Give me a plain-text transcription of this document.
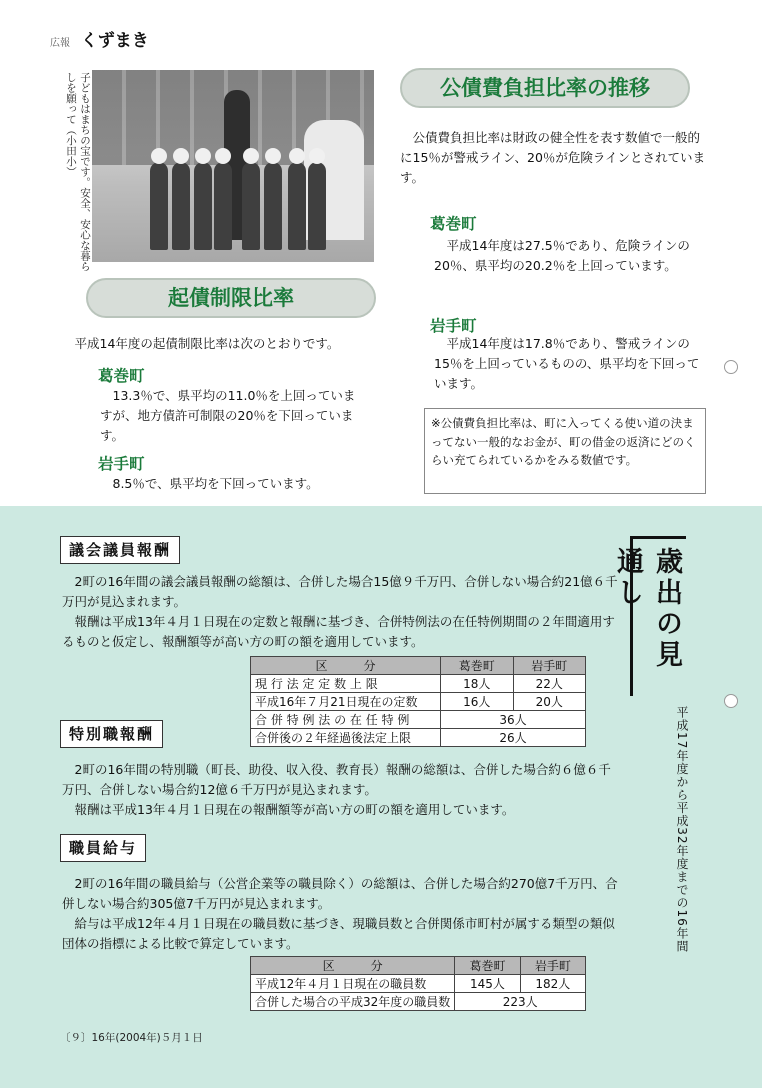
広報 くずまき
子どもはまちの宝です。安全、安心な暮らしを願って（小田小）	公債費負担比率の推移
公債費負担比率は財政の健全性を表す数値で一般的に15％が警戒ライン、20％が危険ラインとされています。
葛巻町
平成14年度は27.5％であり、危険ラインの20％、県平均の20.2％を上回っています。
岩手町
平成14年度は17.8％であり、警戒ラインの15％を上回っているものの、県平均を下回っています。
※公債費負担比率は、町に入ってくる使い道の決まってない一般的なお金が、町の借金の返済にどのくらい充てられているかをみる数値です。
起債制限比率
平成14年度の起債制限比率は次のとおりです。
葛巻町
13.3％で、県平均の11.0％を上回っていますが、地方債許可制限の20％を下回っています。
岩手町
8.5％で、県平均を下回っています。
歳出の見通し
平成17年度から平成32年度までの16年間
議会議員報酬
2町の16年間の議会議員報酬の総額は、合併した場合15億９千万円、合併しない場合約21億６千万円が見込まれます。
報酬は平成13年４月１日現在の定数と報酬に基づき、合併特例法の在任特例期間の２年間適用するものと仮定し、報酬額等が高い方の町の額を適用しています。
区　　　分	葛巻町	岩手町
現 行 法 定 定 数 上 限	18人	22人
平成16年７月21日現在の定数	16人	20人
合 併 特 例 法 の 在 任 特 例	36人	
合併後の２年経過後法定上限	26人	
特別職報酬
2町の16年間の特別職（町長、助役、収入役、教育長）報酬の総額は、合併した場合約６億６千万円、合併しない場合約12億６千万円が見込まれます。
報酬は平成13年４月１日現在の報酬額等が高い方の町の額を適用しています。
職員給与
2町の16年間の職員給与（公営企業等の職員除く）の総額は、合併した場合約270億7千万円、合併しない場合約305億7千万円が見込まれます。
給与は平成12年４月１日現在の職員数に基づき、現職員数と合併関係市町村が属する類型の類似団体の指標による比較で算定しています。
区　　　分	葛巻町	岩手町
平成12年４月１日現在の職員数	145人	182人
合併した場合の平成32年度の職員数	223人	
〔９〕16年(2004年)５月１日
